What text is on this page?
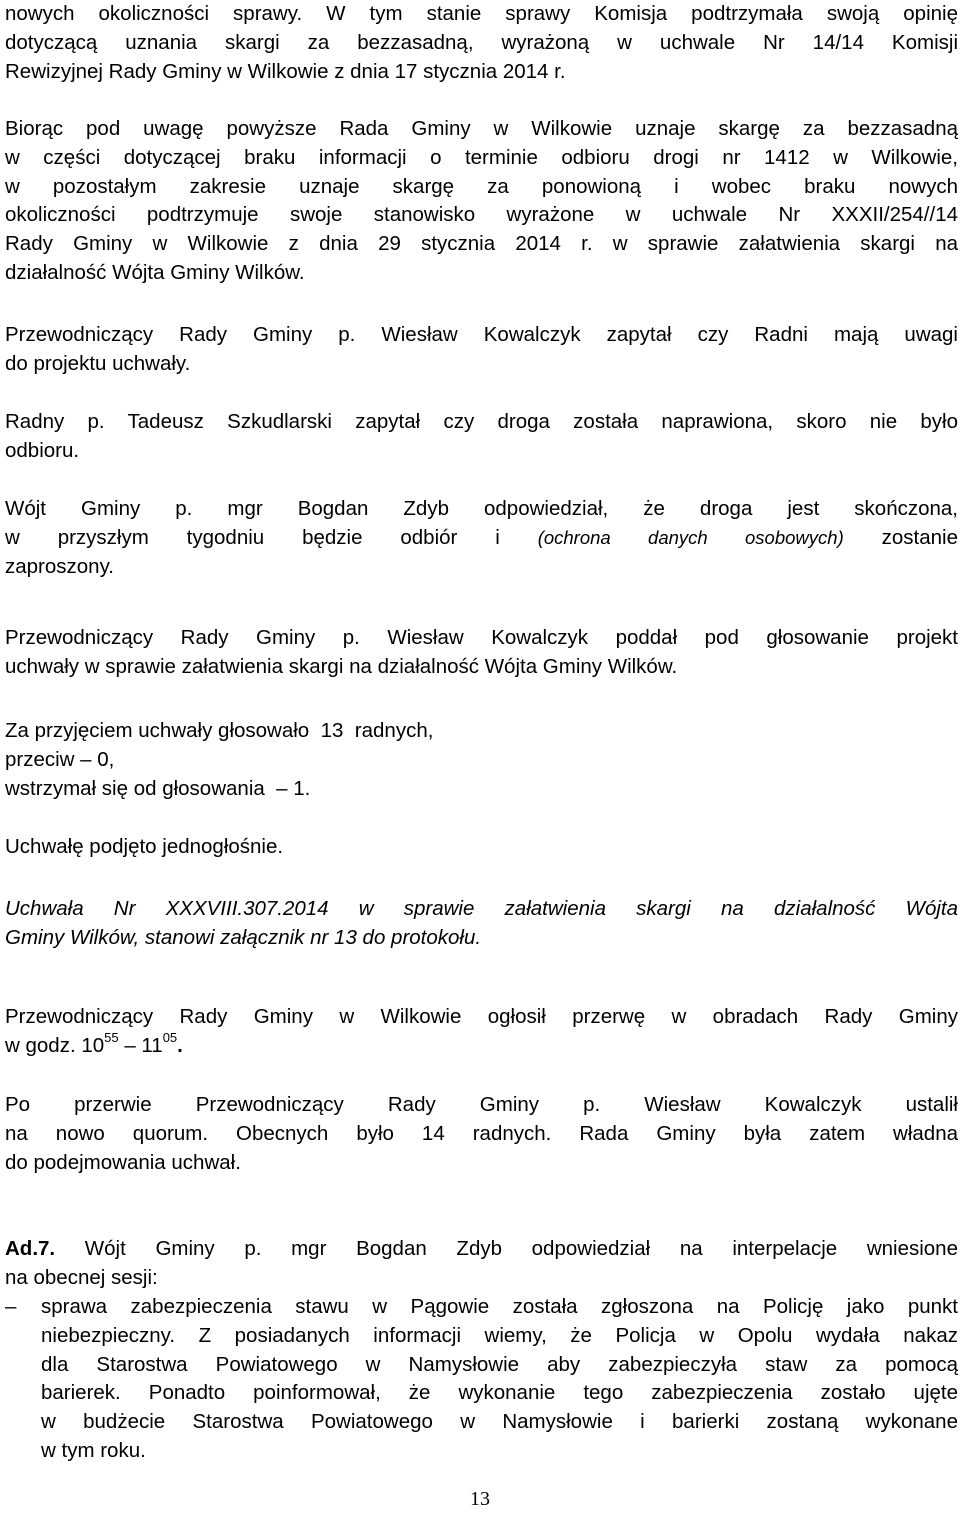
nowych okoliczności sprawy. W tym stanie sprawy Komisja podtrzymała swoją opinię
dotyczącą uznania skargi za bezzasadną, wyrażoną w uchwale Nr 14/14 Komisji
Rewizyjnej Rady Gminy w Wilkowie z dnia 17 stycznia 2014 r.
Biorąc pod uwagę powyższe Rada Gminy w Wilkowie uznaje skargę za bezzasadną
w części dotyczącej braku informacji o terminie odbioru drogi nr 1412 w Wilkowie,
w pozostałym zakresie uznaje skargę za ponowioną i wobec braku nowych
okoliczności podtrzymuje swoje stanowisko wyrażone w uchwale Nr XXXII/254//14
Rady Gminy w Wilkowie z dnia 29 stycznia 2014 r. w sprawie załatwienia skargi na
działalność Wójta Gminy Wilków.
Przewodniczący Rady Gminy p. Wiesław Kowalczyk zapytał czy Radni mają uwagi
do projektu uchwały.
Radny p. Tadeusz Szkudlarski zapytał czy droga została naprawiona, skoro nie było
odbioru.
Wójt Gminy p. mgr Bogdan Zdyb odpowiedział, że droga jest skończona,
w przyszłym tygodniu będzie odbiór i (ochrona danych osobowych) zostanie
zaproszony.
Przewodniczący Rady Gminy p. Wiesław Kowalczyk poddał pod głosowanie projekt
uchwały w sprawie załatwienia skargi na działalność Wójta Gminy Wilków.
Za przyjęciem uchwały głosowało  13  radnych,
przeciw – 0,
wstrzymał się od głosowania  – 1.
Uchwałę podjęto jednogłośnie.
Uchwała Nr XXXVIII.307.2014 w sprawie załatwienia skargi na działalność Wójta
Gminy Wilków, stanowi załącznik nr 13 do protokołu.
Przewodniczący Rady Gminy w Wilkowie ogłosił przerwę w obradach Rady Gminy
w godz. $10^{55} - 11^{05}$.
Po przerwie Przewodniczący Rady Gminy p. Wiesław Kowalczyk ustalił
na nowo quorum. Obecnych było 14 radnych. Rada Gminy była zatem władna
do podejmowania uchwał.
Ad.7. Wójt Gminy p. mgr Bogdan Zdyb odpowiedział na interpelacje wniesione
na obecnej sesji:
–	sprawa zabezpieczenia stawu w Pągowie została zgłoszona na Policję jako punkt
niebezpieczny. Z posiadanych informacji wiemy, że Policja w Opolu wydała nakaz
dla Starostwa Powiatowego w Namysłowie aby zabezpieczyła staw za pomocą
barierek. Ponadto poinformował, że wykonanie tego zabezpieczenia zostało ujęte
w budżecie Starostwa Powiatowego w Namysłowie i barierki zostaną wykonane
w tym roku.
13
